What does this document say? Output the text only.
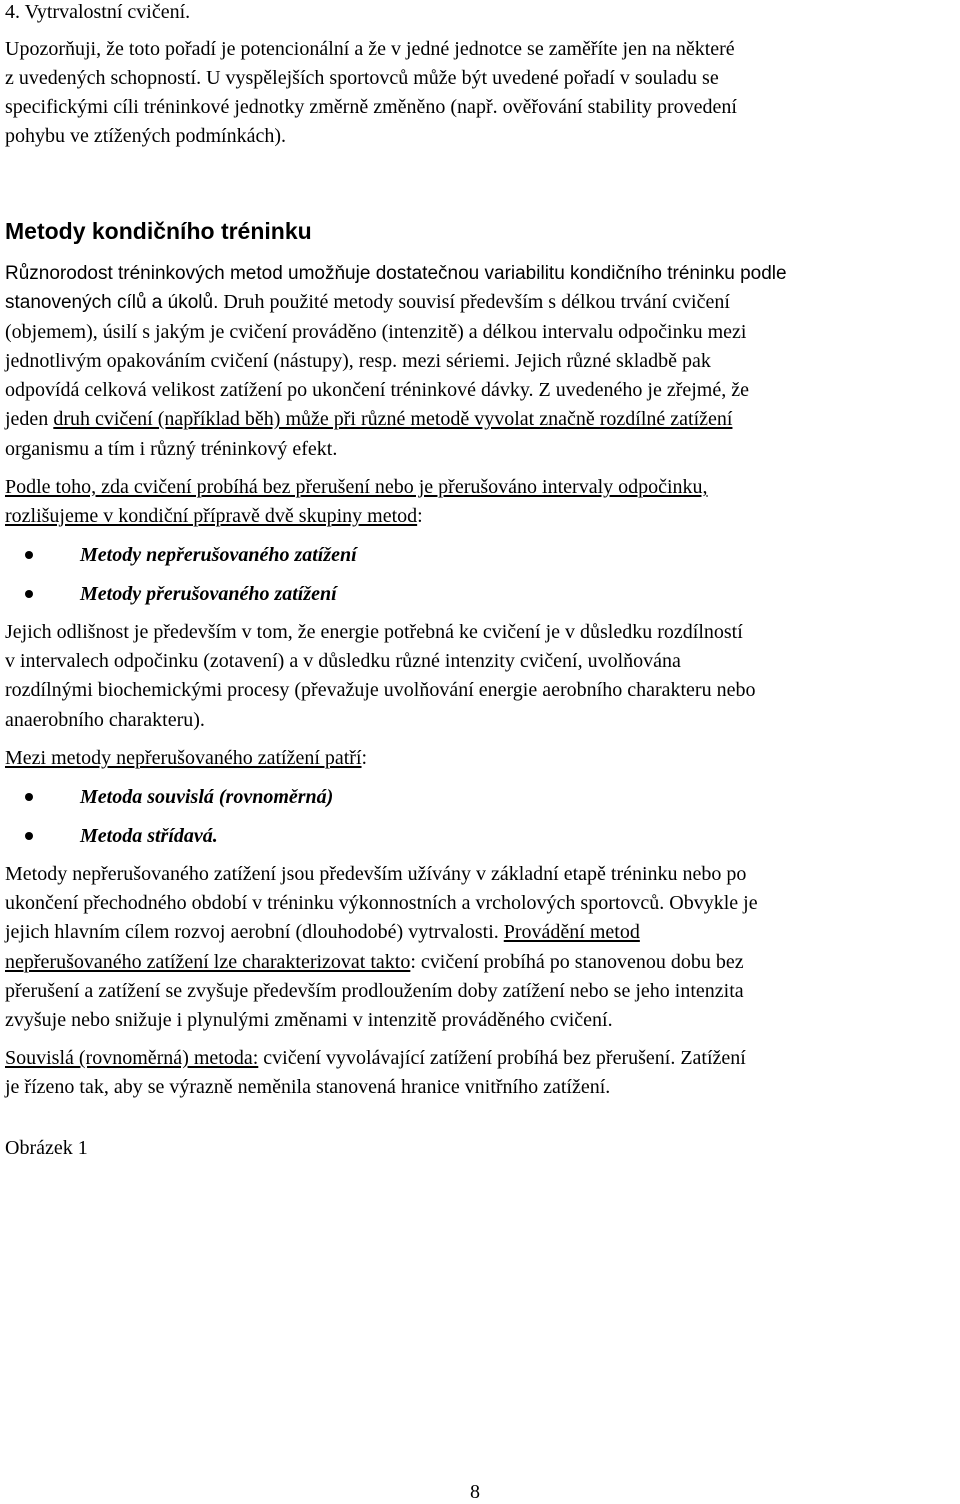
4. Vytrvalostní cvičení.
Upozorňuji, že toto pořadí je potencionální a že v jedné jednotce se zaměříte jen na některé
z uvedených schopností. U vyspělejších sportovců může být uvedené pořadí v souladu se
specifickými cíli tréninkové jednotky změrně změněno (např. ověřování stability provedení
pohybu ve ztížených podmínkách).
Metody kondičního tréninku
Různorodost tréninkových metod umožňuje dostatečnou variabilitu kondičního tréninku podle
stanovených cílů a úkolů. Druh použité metody souvisí především s délkou trvání cvičení
(objemem), úsilí s jakým je cvičení prováděno (intenzitě) a délkou intervalu odpočinku mezi
jednotlivým opakováním cvičení (nástupy), resp. mezi sériemi. Jejich různé skladbě pak
odpovídá celková velikost zatížení po ukončení tréninkové dávky. Z uvedeného je zřejmé, že
jeden druh cvičení (například běh) může při různé metodě vyvolat značně rozdílné zatížení
organismu a tím i různý tréninkový efekt.
Podle toho, zda cvičení probíhá bez přerušení nebo je přerušováno intervaly odpočinku,
rozlišujeme v kondiční přípravě dvě skupiny metod:
Metody nepřerušovaného zatížení
Metody přerušovaného zatížení
Jejich odlišnost je především v tom, že energie potřebná ke cvičení je v důsledku rozdílností
v intervalech odpočinku (zotavení) a v důsledku různé intenzity cvičení, uvolňována
rozdílnými biochemickými procesy (převažuje uvolňování energie aerobního charakteru nebo
anaerobního charakteru).
Mezi metody nepřerušovaného zatížení patří:
Metoda souvislá (rovnoměrná)
Metoda střídavá.
Metody nepřerušovaného zatížení jsou především užívány v základní etapě tréninku nebo po
ukončení přechodného období v tréninku výkonnostních a vrcholových sportovců. Obvykle je
jejich hlavním cílem rozvoj aerobní (dlouhodobé) vytrvalosti. Provádění metod
nepřerušovaného zatížení lze charakterizovat takto: cvičení probíhá po stanovenou dobu bez
přerušení a zatížení se zvyšuje především prodloužením doby zatížení nebo se jeho intenzita
zvyšuje nebo snižuje i plynulými změnami v intenzitě prováděného cvičení.
Souvislá (rovnoměrná) metoda: cvičení vyvolávající zatížení probíhá bez přerušení. Zatížení
je řízeno tak, aby se výrazně neměnila stanovená hranice vnitřního zatížení.
Obrázek 1
8
